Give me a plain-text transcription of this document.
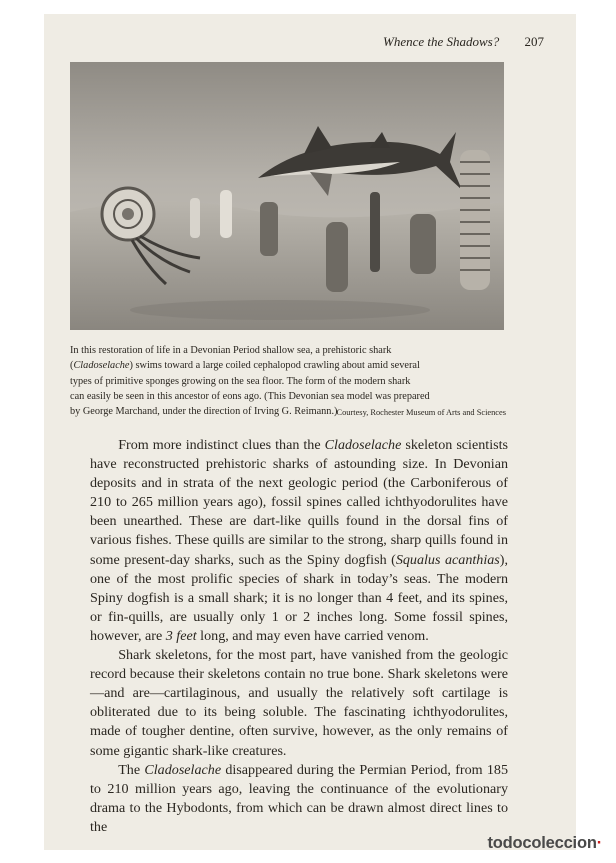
Whence the Shadows? 207
In this restoration of life in a Devonian Period shallow sea, a prehistoric shark
(Cladoselache) swims toward a large coiled cephalopod crawling about amid several
types of primitive sponges growing on the sea floor. The form of the modern shark
can easily be seen in this ancestor of eons ago. (This Devonian sea model was prepared
by George Marchand, under the direction of Irving G. Reimann.) Courtesy, Rochester Museum of Arts and Sciences

From more indistinct clues than the Cladoselache skeleton scientists have reconstructed prehistoric sharks of astounding size. In Devonian deposits and in strata of the next geologic period (the Carboniferous of 210 to 265 million years ago), fossil spines called ichthyodorulites have been unearthed. These are dart-like quills found in the dorsal fins of various fishes. These quills are similar to the strong, sharp quills found in some present-day sharks, such as the Spiny dogfish (Squalus acanthias), one of the most prolific species of shark in today’s seas. The modern Spiny dogfish is a small shark; it is no longer than 4 feet, and its spines, or fin-quills, are usually only 1 or 2 inches long. Some fossil spines, however, are 3 feet long, and may even have carried venom.

Shark skeletons, for the most part, have vanished from the geologic record because their skeletons contain no true bone. Shark skeletons were—and are—cartilaginous, and usually the relatively soft cartilage is obliterated due to its being soluble. The fascinating ichthyodorulites, made of tougher dentine, often survive, however, as the only remains of some gigantic shark-like creatures.

The Cladoselache disappeared during the Permian Period, from 185 to 210 million years ago, leaving the continuance of the evolutionary drama to the Hybodonts, from which can be drawn almost direct lines to the

todocoleccion·
